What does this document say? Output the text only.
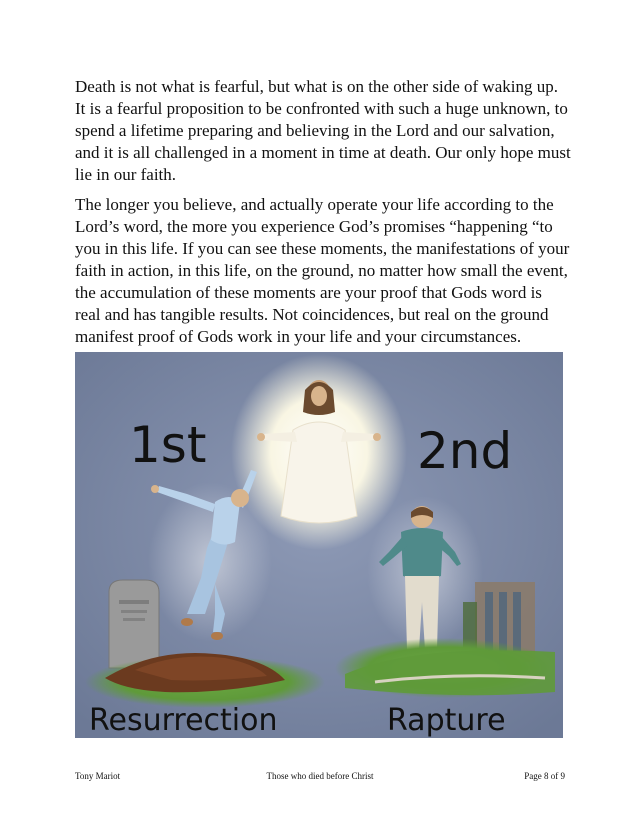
Death is not what is fearful, but what is on the other side of waking up. It is a fearful proposition to be confronted with such a huge unknown, to spend a lifetime preparing and believing in the Lord and our salvation, and it is all challenged in a moment in time at death. Our only hope must lie in our faith.

The longer you believe, and actually operate your life according to the Lord’s word, the more you experience God’s promises “happening “to you in this life. If you can see these moments, the manifestations of your faith in action, in this life, on the ground, no matter how small the event, the accumulation of these moments are your proof that Gods word is real and has tangible results. Not coincidences, but real on the ground manifest proof of Gods work in your life and your circumstances.

1st	2nd
Resurrection	Rapture
Tony Mariot	Those who died before Christ	Page 8 of 9
